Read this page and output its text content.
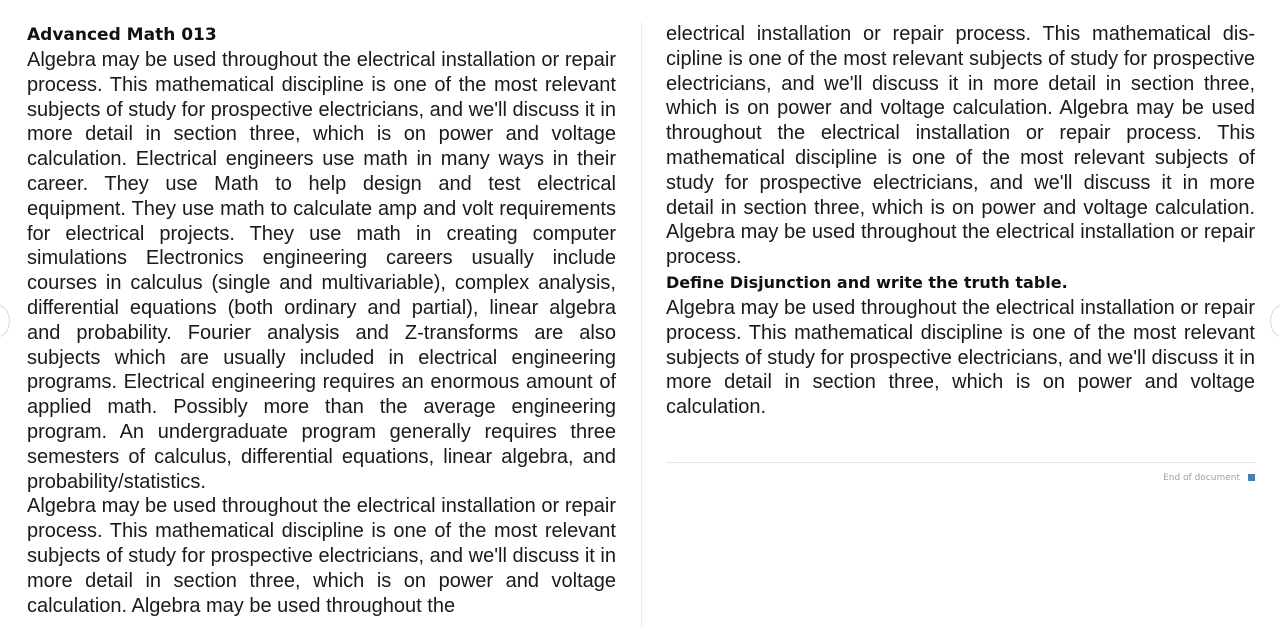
Advanced Math 013

Algebra may be used throughout the electrical installation or repair process. This mathematical discipline is one of the most relevant subjects of study for prospective electricians, and we'll discuss it in more detail in section three, which is on power and voltage calculation. Electrical engineers use math in many ways in their career. They use Math to help design and test electrical equipment. They use math to calculate amp and volt requirements for electrical projects. They use math in creating computer simulations Electronics engineering careers usually include courses in calculus (single and multivariable), complex analysis, differential equations (both ordinary and partial), linear algebra and probability. Fourier analysis and Z-transforms are also subjects which are usually included in electrical engineering programs. Electrical engineering requires an enormous amount of applied math. Possibly more than the average engineering program. An undergraduate program generally requires three semesters of calculus, differential equations, linear algebra, and probability/statistics.

Algebra may be used throughout the electrical installation or repair process. This mathematical discipline is one of the most relevant subjects of study for prospective electricians, and we'll discuss it in more detail in section three, which is on power and voltage calculation. Algebra may be used throughout the

electrical installation or repair process. This mathematical discipline is one of the most relevant subjects of study for prospective electricians, and we'll discuss it in more detail in section three, which is on power and voltage calculation. Algebra may be used throughout the electrical installation or repair process. This mathematical discipline is one of the most relevant subjects of study for prospective electricians, and we'll discuss it in more detail in section three, which is on power and voltage calculation. Algebra may be used throughout the electrical installation or repair process.

Define Disjunction and write the truth table.

Algebra may be used throughout the electrical installation or repair process. This mathematical discipline is one of the most relevant subjects of study for prospective electricians, and we'll discuss it in more detail in section three, which is on power and voltage calculation.

End of document
